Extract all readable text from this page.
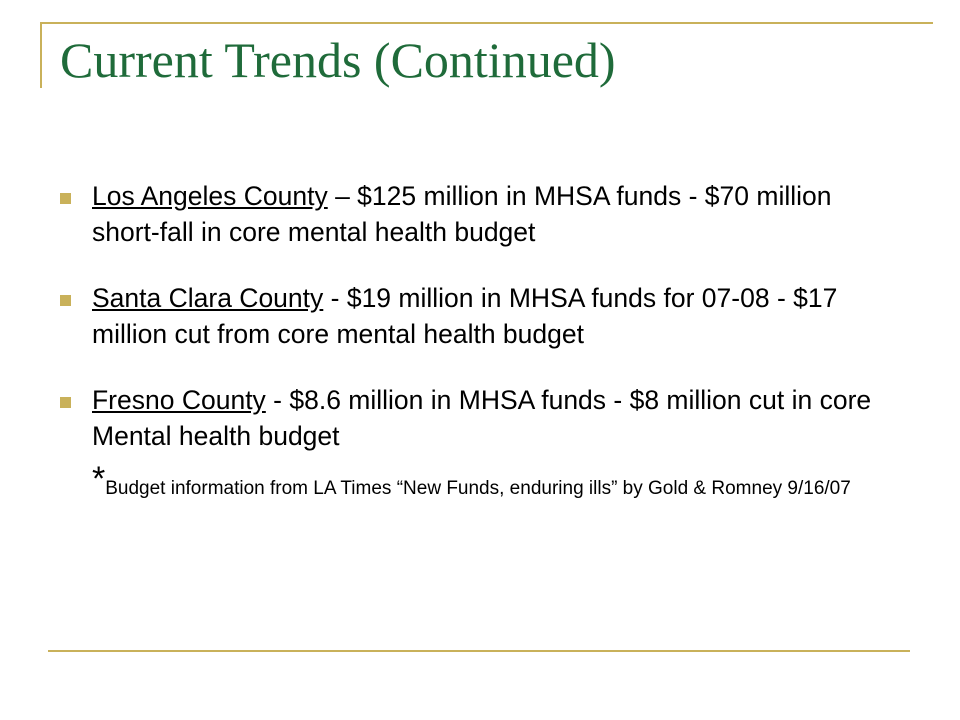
Current Trends (Continued)
Los Angeles County – $125 million in MHSA funds - $70 million short-fall in core mental health budget
Santa Clara County - $19 million in MHSA funds for 07-08 - $17 million cut from core mental health budget
Fresno County - $8.6 million in MHSA funds - $8 million cut in core Mental health budget
*Budget information from LA Times “New Funds, enduring ills” by Gold & Romney 9/16/07
